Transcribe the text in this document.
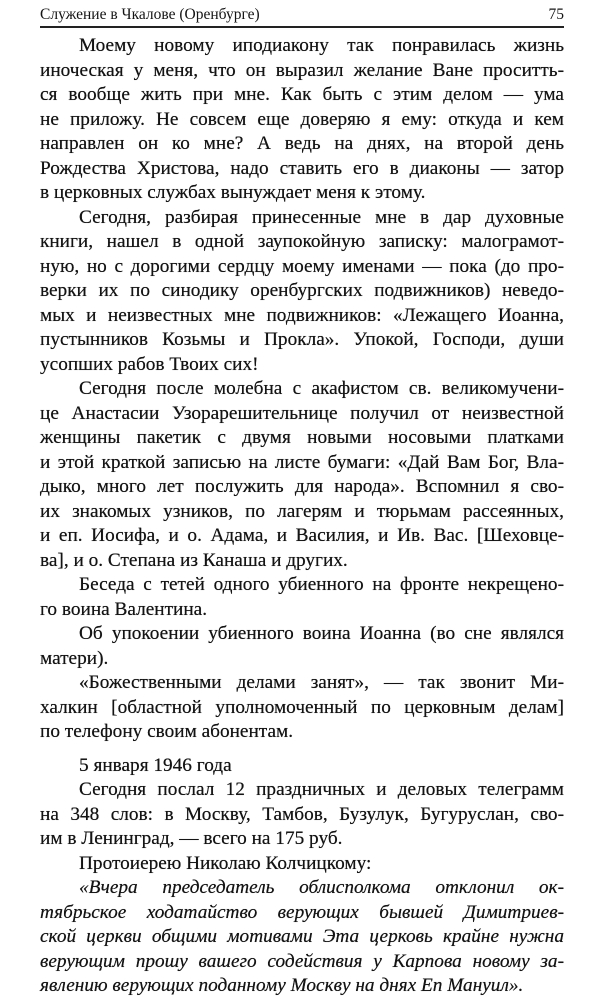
Служение в Чкалове (Оренбурге)	75
Моему новому иподиакону так понравилась жизнь
иноческая у меня, что он выразил желание Ване проситть-
ся вообще жить при мне. Как быть с этим делом — ума
не приложу. Не совсем еще доверяю я ему: откуда и кем
направлен он ко мне? А ведь на днях, на второй день
Рождества Христова, надо ставить его в диаконы — затор
в церковных службах вынуждает меня к этому.
Сегодня, разбирая принесенные мне в дар духовные
книги, нашел в одной заупокойную записку: малограмот-
ную, но с дорогими сердцу моему именами — пока (до про-
верки их по синодику оренбургских подвижников) неведо-
мых и неизвестных мне подвижников: «Лежащего Иоанна,
пустынников Козьмы и Прокла». Упокой, Господи, души
усопших рабов Твоих сих!
Сегодня после молебна с акафистом св. великомучени-
це Анастасии Узорарешительнице получил от неизвестной
женщины пакетик с двумя новыми носовыми платками
и этой краткой записью на листе бумаги: «Дай Вам Бог, Вла-
дыко, много лет послужить для народа». Вспомнил я сво-
их знакомых узников, по лагерям и тюрьмам рассеянных,
и еп. Иосифа, и о. Адама, и Василия, и Ив. Вас. [Шеховце-
ва], и о. Степана из Канаша и других.
Беседа с тетей одного убиенного на фронте некрещено-
го воина Валентина.
Об упокоении убиенного воина Иоанна (во сне являлся
матери).
«Божественными делами занят», — так звонит Ми-
халкин [областной уполномоченный по церковным делам]
по телефону своим абонентам.
5 января 1946 года
Сегодня послал 12 праздничных и деловых телеграмм
на 348 слов: в Москву, Тамбов, Бузулук, Бугуруслан, сво-
им в Ленинград, — всего на 175 руб.
Протоиерею Николаю Колчицкому:
«Вчера председатель облисполкома отклонил ок-
тябрьское ходатайство верующих бывшей Димитриев-
ской церкви общими мотивами Эта церковь крайне нужна
верующим прошу вашего содействия у Карпова новому за-
явлению верующих поданному Москву на днях Еп Мануил».
